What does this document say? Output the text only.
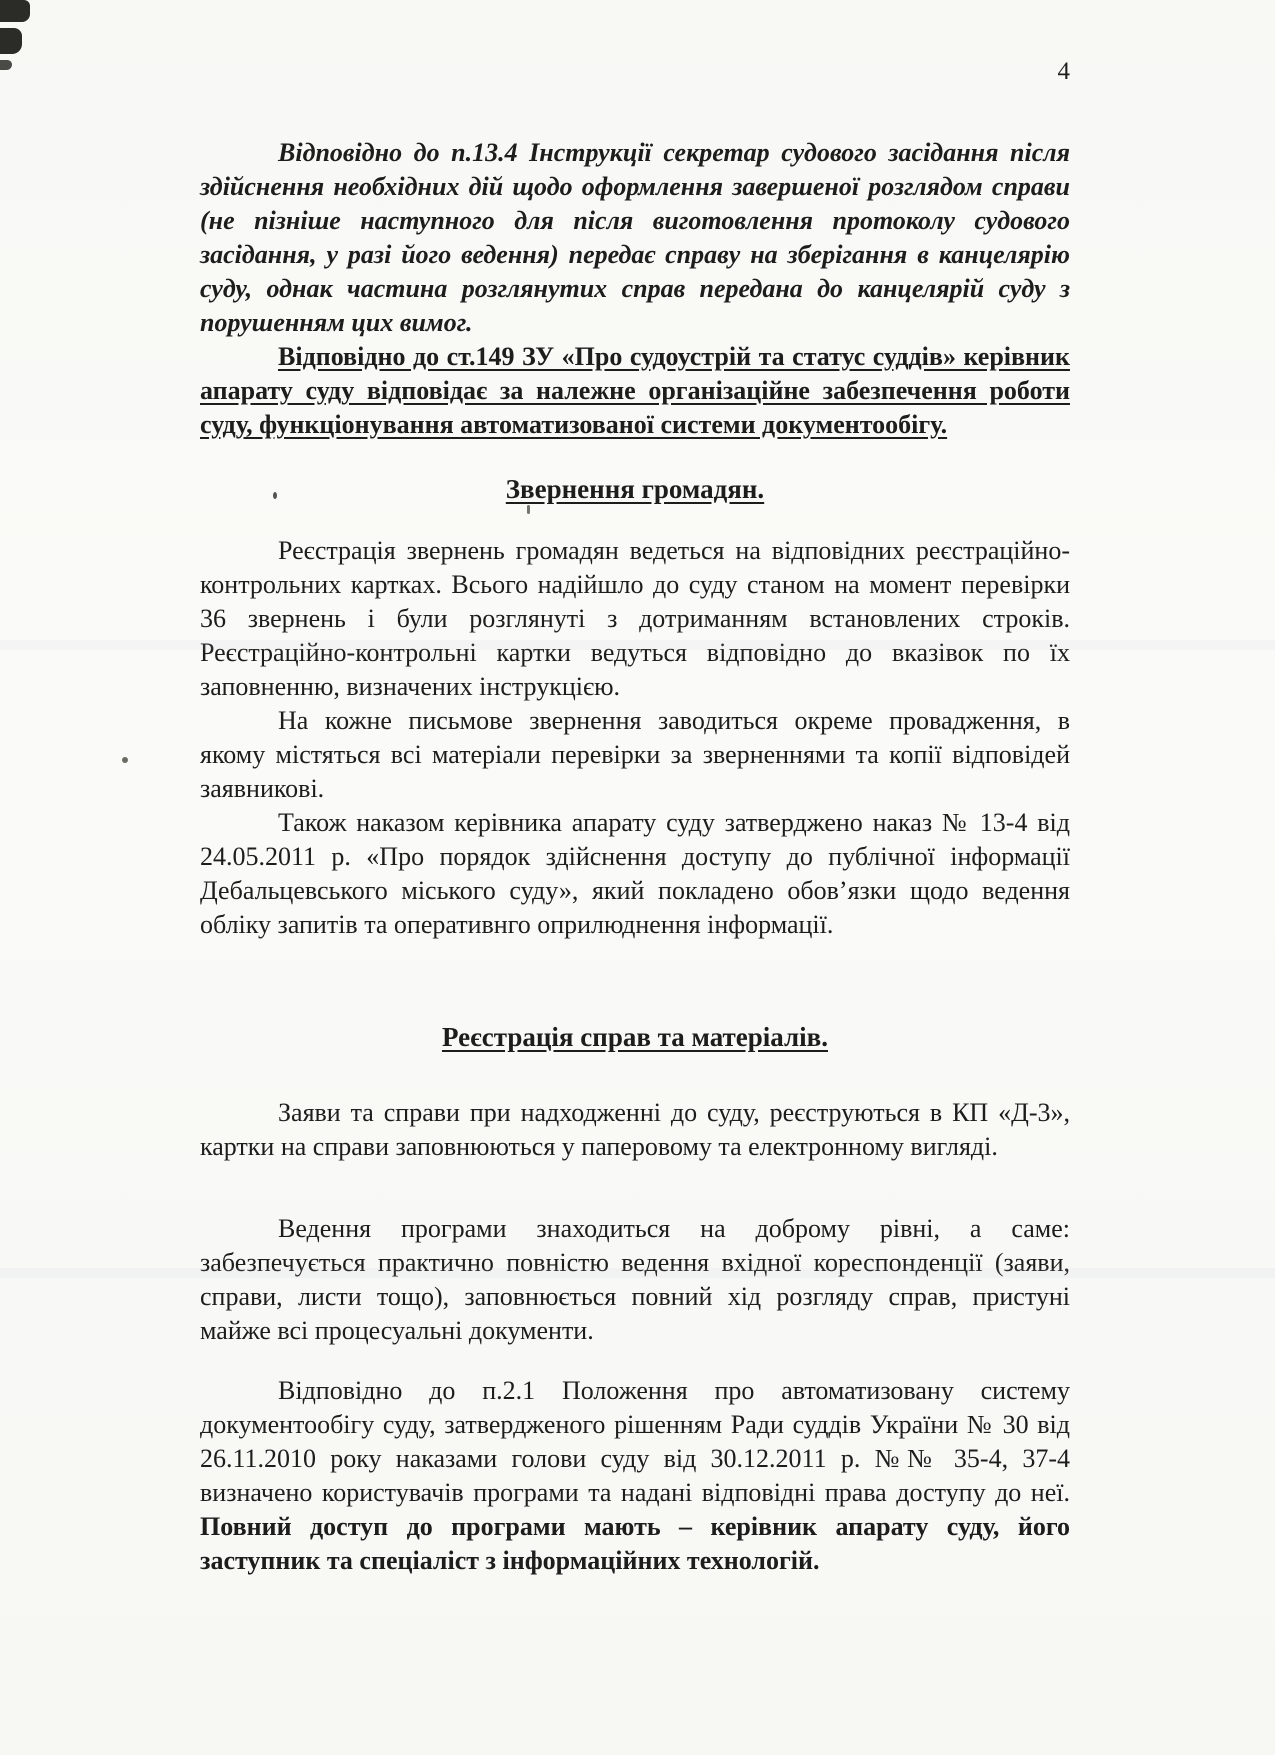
4

Відповідно до п.13.4 Інструкції секретар судового засідання після здійснення необхідних дій щодо оформлення завершеної розглядом справи (не пізніше наступного для після виготовлення протоколу судового засідання, у разі його ведення) передає справу на зберігання в канцелярію суду, однак частина розглянутих справ передана до канцелярій суду з порушенням цих вимог.

Відповідно до ст.149 ЗУ «Про судоустрій та статус суддів» керівник апарату суду відповідає за належне організаційне забезпечення роботи суду, функціонування автоматизованої системи документообігу.

Звернення громадян.

Реєстрація звернень громадян ведеться на відповідних реєстраційно-контрольних картках. Всього надійшло до суду станом на момент перевірки 36 звернень і були розглянуті з дотриманням встановлених строків. Реєстраційно-контрольні картки ведуться відповідно до вказівок по їх заповненню, визначених інструкцією.

На кожне письмове звернення заводиться окреме провадження, в якому містяться всі матеріали перевірки за зверненнями та копії відповідей заявникові.

Також наказом керівника апарату суду затверджено наказ № 13-4 від 24.05.2011 р. «Про порядок здійснення доступу до публічної інформації Дебальцевського міського суду», який покладено обов’язки щодо ведення обліку запитів та оперативнго оприлюднення інформації.

Реєстрація справ та матеріалів.

Заяви та справи при надходженні до суду, реєструються в КП «Д-3», картки на справи заповнюються у паперовому та електронному вигляді.

Ведення програми знаходиться на доброму рівні, а саме: забезпечується практично повністю ведення вхідної кореспонденції (заяви, справи, листи тощо), заповнюється повний хід розгляду справ, пристуні майже всі процесуальні документи.

Відповідно до п.2.1 Положення про автоматизовану систему документообігу суду, затвердженого рішенням Ради суддів України № 30 від 26.11.2010 року наказами голови суду від 30.12.2011 р. №№ 35-4, 37-4 визначено користувачів програми та надані відповідні права доступу до неї. Повний доступ до програми мають – керівник апарату суду, його заступник та спеціаліст з інформаційних технологій.
